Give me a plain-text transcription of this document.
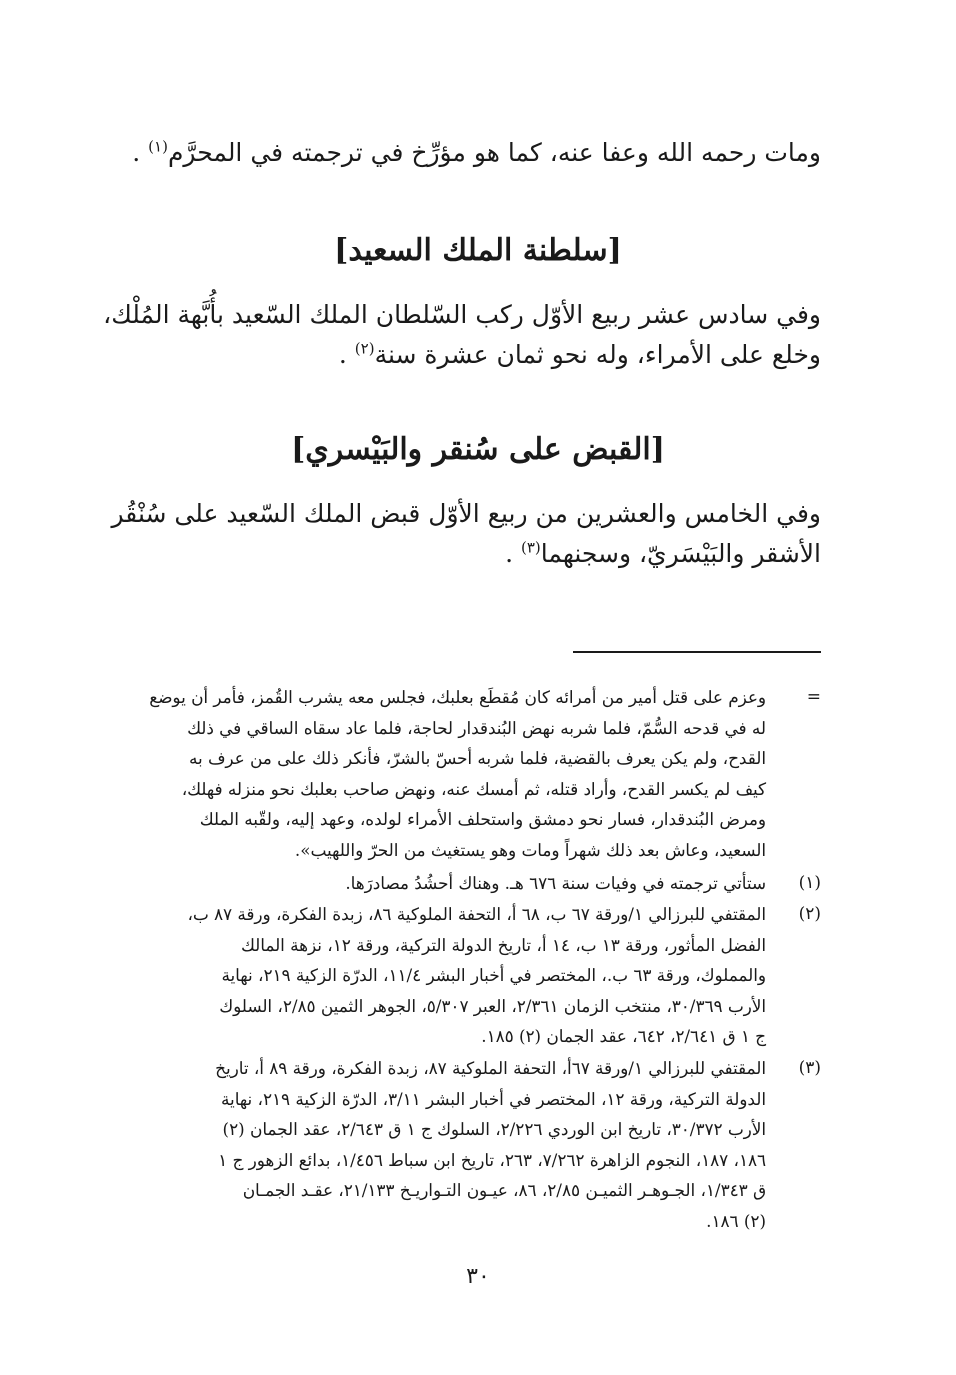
ومات رحمه الله وعفا عنه، كما هو مؤرِّخ في ترجمته في المحرَّم$^{(١)}$ .
[سلطنة الملك السعيد]
وفي سادس عشر ربيع الأوّل ركب السّلطان الملك السّعيد بأُبَّهة المُلْك،
وخلع على الأمراء، وله نحو ثمان عشرة سنة$^{(٢)}$ .
[القبض على سُنقر والبَيْسري]
وفي الخامس والعشرين من ربيع الأوّل قبض الملك السّعيد على سُنْقُر
الأشقر والبَيْسَريّ، وسجنهما$^{(٣)}$ .
=
وعزم على قتل أمير من أمرائه كان مُقطَع بعلبك، فجلس معه يشرب القُمز، فأمر أن يوضع
له في قدحه السُّمّ، فلما شربه نهض البُندقدار لحاجة، فلما عاد سقاه الساقي في ذلك
القدح، ولم يكن يعرف بالقضية، فلما شربه أحسّ بالشرّ، فأنكر ذلك على من عرف به
كيف لم يكسر القدح، وأراد قتله، ثم أمسك عنه، ونهض صاحب بعلبك نحو منزله فهلك،
ومرض البُندقدار، فسار نحو دمشق واستحلف الأمراء لولده، وعهد إليه، ولقّبه الملك
السعيد، وعاش بعد ذلك شهراً ومات وهو يستغيث من الحرّ واللهيب».
(١)
ستأتي ترجمته في وفيات سنة ٦٧٦ هـ. وهناك أحشُدُ مصادرَها.
(٢)
المقتفي للبرزالي ١/ورقة ٦٧ ب، ٦٨ أ، التحفة الملوكية ٨٦، زبدة الفكرة، ورقة ٨٧ ب،
الفضل المأثور، ورقة ١٣ ب، ١٤ أ، تاريخ الدولة التركية، ورقة ١٢، نزهة المالك
والمملوك، ورقة ٦٣ ب.، المختصر في أخبار البشر ١١/٤، الدرّة الزكية ٢١٩، نهاية
الأرب ٣٠/٣٦٩، منتخب الزمان ٢/٣٦١، العبر ٥/٣٠٧، الجوهر الثمين ٢/٨٥، السلوك
ج ١ ق ٢/٦٤١، ٦٤٢، عقد الجمان (٢) ١٨٥.
(٣)
المقتفي للبرزالي ١/ورقة ٦٧أ، التحفة الملوكية ٨٧، زبدة الفكرة، ورقة ٨٩ أ، تاريخ
الدولة التركية، ورقة ١٢، المختصر في أخبار البشر ٣/١١، الدرّة الزكية ٢١٩، نهاية
الأرب ٣٠/٣٧٢، تاريخ ابن الوردي ٢/٢٢٦، السلوك ج ١ ق ٢/٦٤٣، عقد الجمان (٢)
١٨٦، ١٨٧، النجوم الزاهرة ٧/٢٦٢، ٢٦٣، تاريخ ابن سباط ١/٤٥٦، بدائع الزهور ج ١
ق ١/٣٤٣، الجـوهـر الثميـن ٢/٨٥، ٨٦، عيـون التـواريـخ ٢١/١٣٣، عقـد الجمـان
(٢) ١٨٦.
٣٠
